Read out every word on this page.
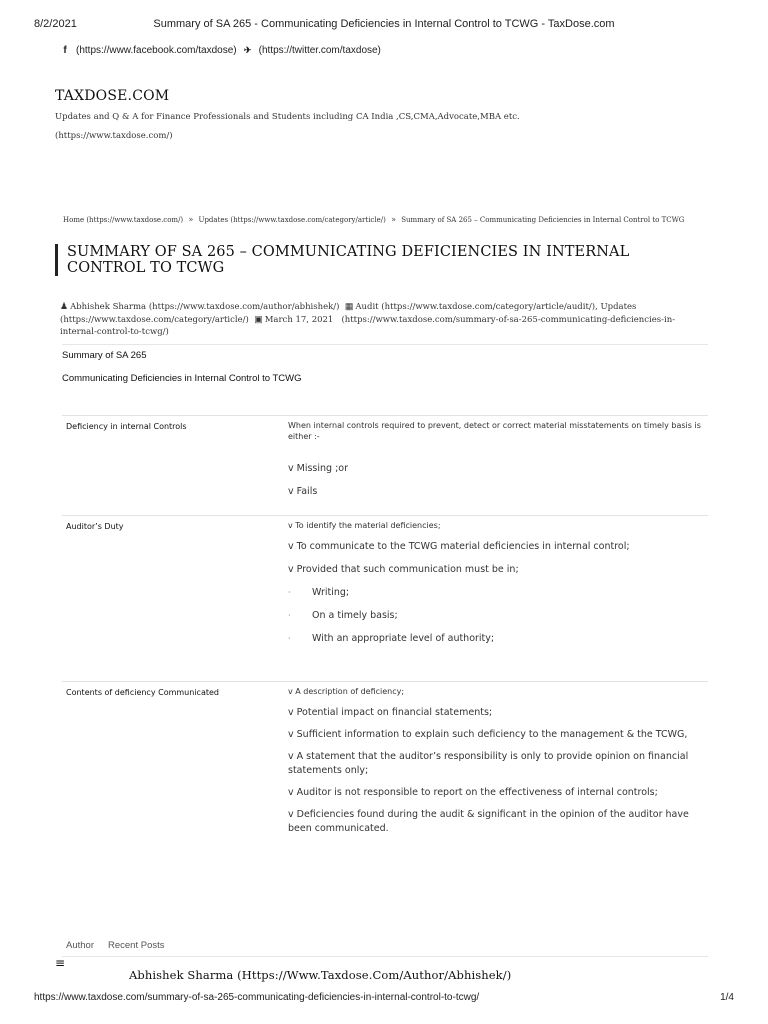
8/2/2021	Summary of SA 265 - Communicating Deficiencies in Internal Control to TCWG - TaxDose.com
f (https://www.facebook.com/taxdose) ✈ (https://twitter.com/taxdose)
TAXDOSE.COM
Updates and Q & A for Finance Professionals and Students including CA India ,CS,CMA,Advocate,MBA etc.
(https://www.taxdose.com/)
Home (https://www.taxdose.com/) » Updates (https://www.taxdose.com/category/article/) » Summary of SA 265 – Communicating Deficiencies in Internal Control to TCWG
SUMMARY OF SA 265 – COMMUNICATING DEFICIENCIES IN INTERNAL CONTROL TO TCWG
♟ Abhishek Sharma (https://www.taxdose.com/author/abhishek/) ▦ Audit (https://www.taxdose.com/category/article/audit/), Updates (https://www.taxdose.com/category/article/) ▣ March 17, 2021 (https://www.taxdose.com/summary-of-sa-265-communicating-deficiencies-in-internal-control-to-tcwg/)
Summary of SA 265
Communicating Deficiencies in Internal Control to TCWG
Deficiency in internal Controls	When internal controls required to prevent, detect or correct material misstatements on timely basis is either :-

v Missing ;or

v Fails

Auditor’s Duty	v To identify the material deficiencies;

v To communicate to the TCWG material deficiencies in internal control;

v Provided that such communication must be in;

·	Writing;
·	On a timely basis;
·	With an appropriate level of authority;
Contents of deficiency Communicated	v A description of deficiency;

v Potential impact on financial statements;

v Sufficient information to explain such deficiency to the management & the TCWG,

v A statement that the auditor’s responsibility is only to provide opinion on financial statements only;

v Auditor is not responsible to report on the effectiveness of internal controls;

v Deficiencies found during the audit & significant in the opinion of the auditor have been communicated.

Author Recent Posts
≡
Abhishek Sharma (Https://Www.Taxdose.Com/Author/Abhishek/)
https://www.taxdose.com/summary-of-sa-265-communicating-deficiencies-in-internal-control-to-tcwg/	1/4
